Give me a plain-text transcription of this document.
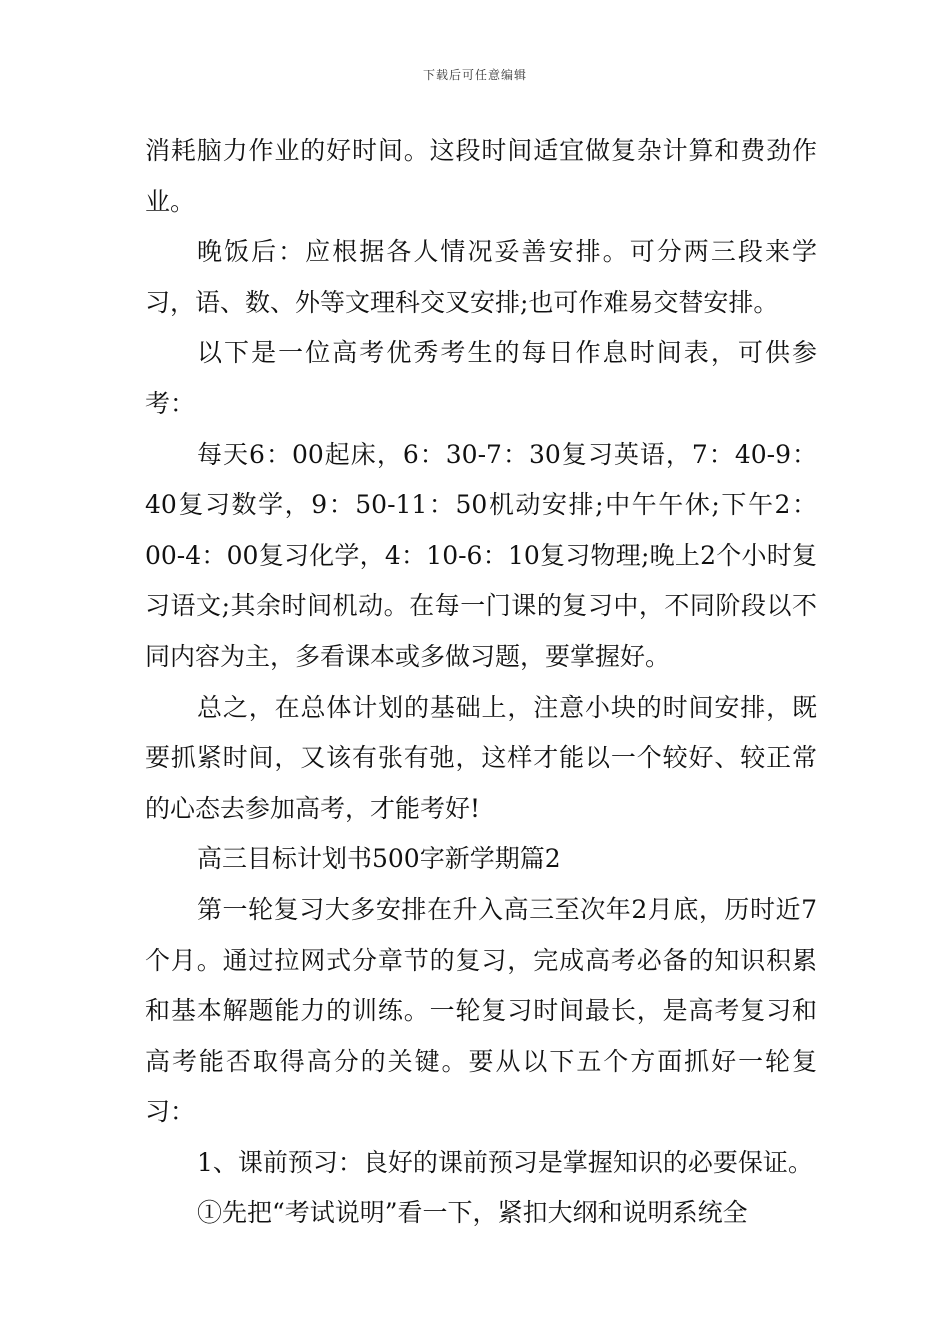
下载后可任意编辑

消耗脑力作业的好时间。这段时间适宜做复杂计算和费劲作业。

晚饭后：应根据各人情况妥善安排。可分两三段来学习，语、数、外等文理科交叉安排;也可作难易交替安排。

以下是一位高考优秀考生的每日作息时间表，可供参考：

每天6：00起床，6：30-7：30复习英语，7：40-9：40复习数学，9：50-11：50机动安排;中午午休;下午2：00-4：00复习化学，4：10-6：10复习物理;晚上2个小时复习语文;其余时间机动。在每一门课的复习中，不同阶段以不同内容为主，多看课本或多做习题，要掌握好。

总之，在总体计划的基础上，注意小块的时间安排，既要抓紧时间，又该有张有弛，这样才能以一个较好、较正常的心态去参加高考，才能考好!

高三目标计划书500字新学期篇2

第一轮复习大多安排在升入高三至次年2月底，历时近7个月。通过拉网式分章节的复习，完成高考必备的知识积累和基本解题能力的训练。一轮复习时间最长，是高考复习和高考能否取得高分的关键。要从以下五个方面抓好一轮复习：

1、课前预习：良好的课前预习是掌握知识的必要保证。

①先把“考试说明”看一下，紧扣大纲和说明系统全
